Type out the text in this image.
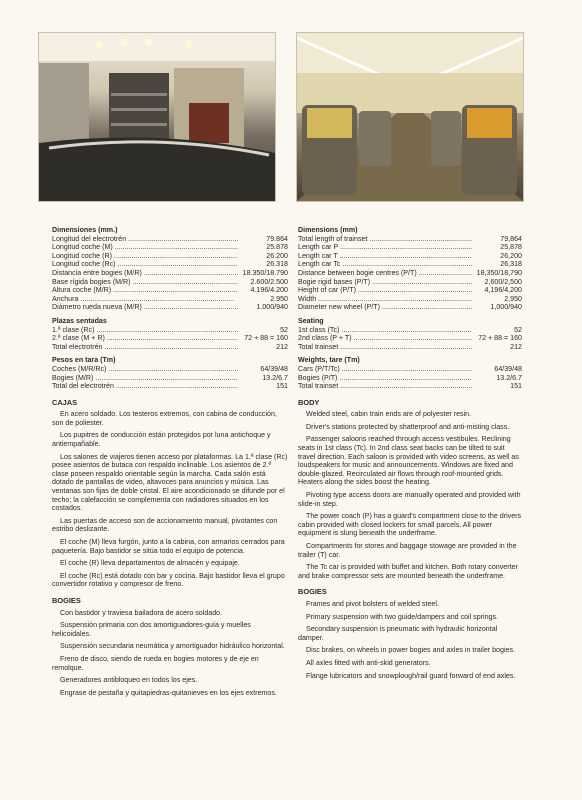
Dimensiones (mm.)

Longitud del electrotrén .....	79.864
Longitud coche (M) .....	25.878
Longitud coche (R) .....	26.200
Longitud coche (Rc) .....	26.318
Distancia entre bogies (M/R) .....	18.350/18.790
Base rígida bogies (M/R) .....	2.600/2.500
Altura coche (M/R) .....	4.196/4.200
Anchura .....	2.950
Diámetro rueda nueva (M/R) .....	1.000/940

Plazas sentadas

1.ª clase (Rc) .....	52
2.ª clase (M + R) .....	72 + 88 = 160
Total electrotrén .....	212

Pesos en tara (Tm)

Coches (M/R/Rc) .....	64/39/48
Bogies (M/R) .....	13.2/6.7
Total del electrotrén .....	151

CAJAS

En acero soldado. Los testeros extremos, con cabina de conducción, son de poliester.

Los pupitres de conducción están protegidos por luna antichoque y antiempañable.

Los salones de viajeros tienen acceso por plataformas. La 1.ª clase (Rc) posee asientos de butaca con respaldo inclinable. Los asientos de 2.ª clase poseen respaldo orientable según la marcha. Cada salón está dotado de pantallas de video, altavoces para anuncios y música. Las ventanas son fijas de doble cristal. El aire acondicionado se difunde por el techo; la calefacción se complementa con radiadores situados en los costados.

Las puertas de acceso son de accionamiento manual, pivotantes con estribo deslizante.

El coche (M) lleva furgón, junto a la cabina, con armarios cerrados para paquetería. Bajo bastidor se sitúa todo el equipo de potencia.

El coche (R) lleva departamentos de almacén y equipaje.

El coche (Rc) está dotado con bar y cocina. Bajo bastidor lleva el grupo convertidor rotativo y compresor de freno.

BOGIES

Con bastidor y traviesa bailadora de acero soldado.

Suspensión primaria con dos amortiguadores-guía y muelles helicoidales.

Suspensión secundaria neumática y amortiguador hidráulico horizontal.

Freno de disco, siendo de rueda en bogies motores y de eje en remolque.

Generadores antibloqueo en todos los ejes.

Engrase de pestaña y quitapiedras-quitanieves en los ejes extremos.

Dimensions (mm)

Total length of trainset .....	79,864
Length car P .....	25,878
Length car T .....	26,200
Length car Tc .....	26,318
Distance between bogie centres (P/T) .....	18,350/18,790
Bogie rigid bases (P/T) .....	2,600/2,500
Height of car (P/T) .....	4,196/4,200
Width .....	2,950
Diameter new wheel (P/T) .....	1,000/940

Seating

1st class (Tc) .....	52
2nd class (P + T) .....	72 + 88 = 160
Total trainset .....	212

Weights, tare (Tm)

Cars (P/T/Tc) .....	64/39/48
Bogies (P/T) .....	13.2/6.7
Total trainset .....	151

BODY

Welded steel, cabin train ends are of polyester resin.

Driver's stations protected by shatterproof and anti-misting class.

Passenger saloons reached through access vestibules. Reclining seats in 1st class (Tc). In 2nd class seat backs can be tilted to suit travel direction. Each saloon is provided with video screens, as well as loudspeakers for music and announcements. Windows are fixed and double-glazed. Recirculated air flows through roof-mounted grids. Heaters along the sides boost the heating.

Pivoting type access doors are manually operated and provided with slide-in step.

The power coach (P) has a guard's compartment close to the drivers cabin provided with closed lockers for small parcels. All power equipment is slung beneath the underframe.

Compartments for stores and baggage stowage are provided in the trailer (T) car.

The Tc car is provided with buffet and kitchen. Both rotary converter and brake compressor sets are mounted beneath the underframe.

BOGIES

Frames and pivot bolsters of welded steel.

Primary suspension with two guide/dampers and coil springs.

Secondary suspension is pneumatic with hydraulic horizontal damper.

Disc brakes, on wheels in power bogies and axles in trailer bogies.

All axles fitted with anti-skid generators.

Flange lubricators and snowplough/rail guard forward of end axles.
